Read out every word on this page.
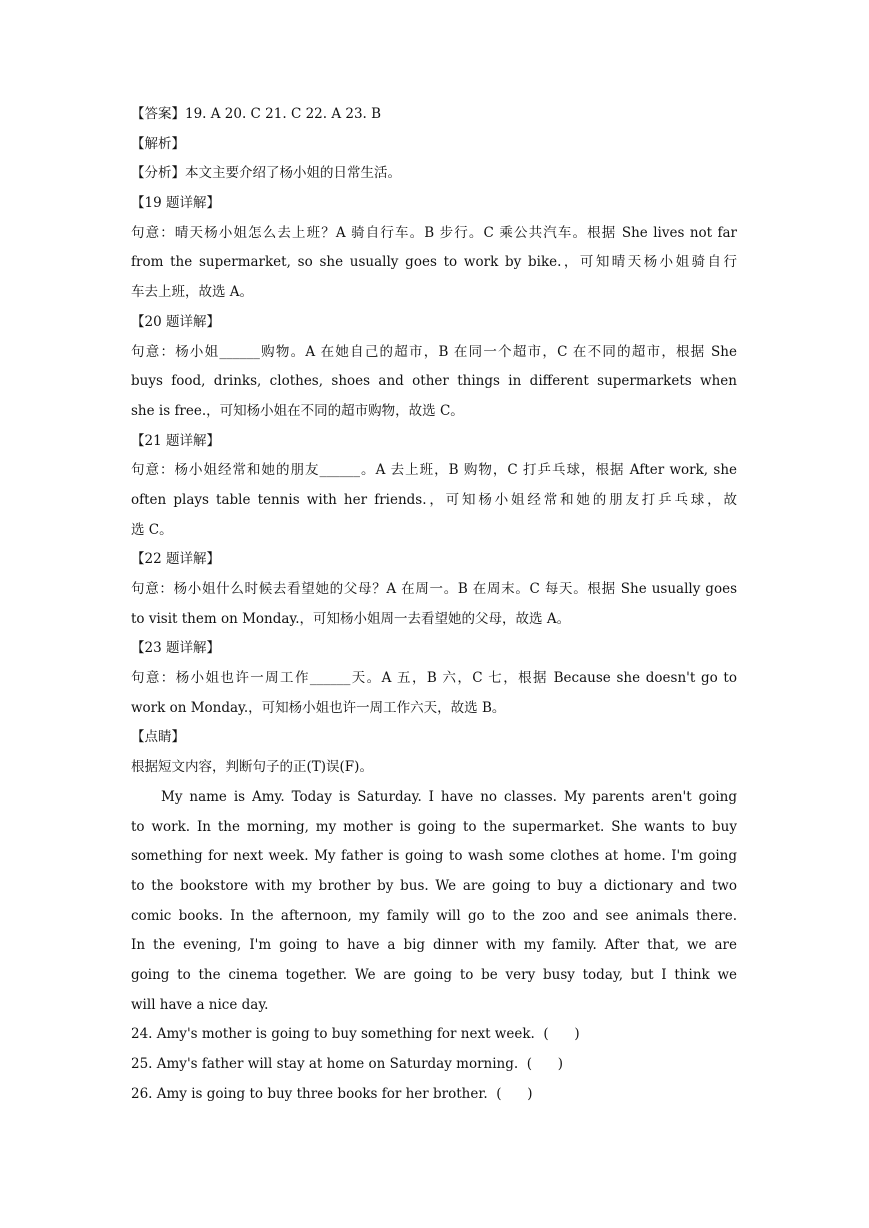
【答案】19. A 20. C 21. C 22. A 23. B
【解析】
【分析】本文主要介绍了杨小姐的日常生活。
【19 题详解】
句意：晴天杨小姐怎么去上班？A 骑自行车。B 步行。C 乘公共汽车。根据 She lives not far
from the supermarket, so she usually goes to work by bike.，可知晴天杨小姐骑自行
车去上班，故选 A。
【20 题详解】
句意：杨小姐______购物。A 在她自己的超市，B 在同一个超市，C 在不同的超市，根据 She
buys food, drinks, clothes, shoes and other things in different supermarkets when
she is free.，可知杨小姐在不同的超市购物，故选 C。
【21 题详解】
句意：杨小姐经常和她的朋友______。A 去上班，B 购物，C 打乒乓球，根据 After work, she
often plays table tennis with her friends.，可知杨小姐经常和她的朋友打乒乓球，故
选 C。
【22 题详解】
句意：杨小姐什么时候去看望她的父母？A 在周一。B 在周末。C 每天。根据 She usually goes
to visit them on Monday.，可知杨小姐周一去看望她的父母，故选 A。
【23 题详解】
句意：杨小姐也许一周工作______天。A 五，B 六，C 七，根据 Because she doesn't go to
work on Monday.，可知杨小姐也许一周工作六天，故选 B。
【点睛】
根据短文内容，判断句子的正(T)误(F)。
My name is Amy. Today is Saturday. I have no classes. My parents aren't going
to work. In the morning, my mother is going to the supermarket. She wants to buy
something for next week. My father is going to wash some clothes at home. I'm going
to the bookstore with my brother by bus. We are going to buy a dictionary and two
comic books. In the afternoon, my family will go to the zoo and see animals there.
In the evening, I'm going to have a big dinner with my family. After that, we are
going to the cinema together. We are going to be very busy today, but I think we
will have a nice day.
24. Amy's mother is going to buy something for next week.  (      )
25. Amy's father will stay at home on Saturday morning.  (      )
26. Amy is going to buy three books for her brother.  (      )
